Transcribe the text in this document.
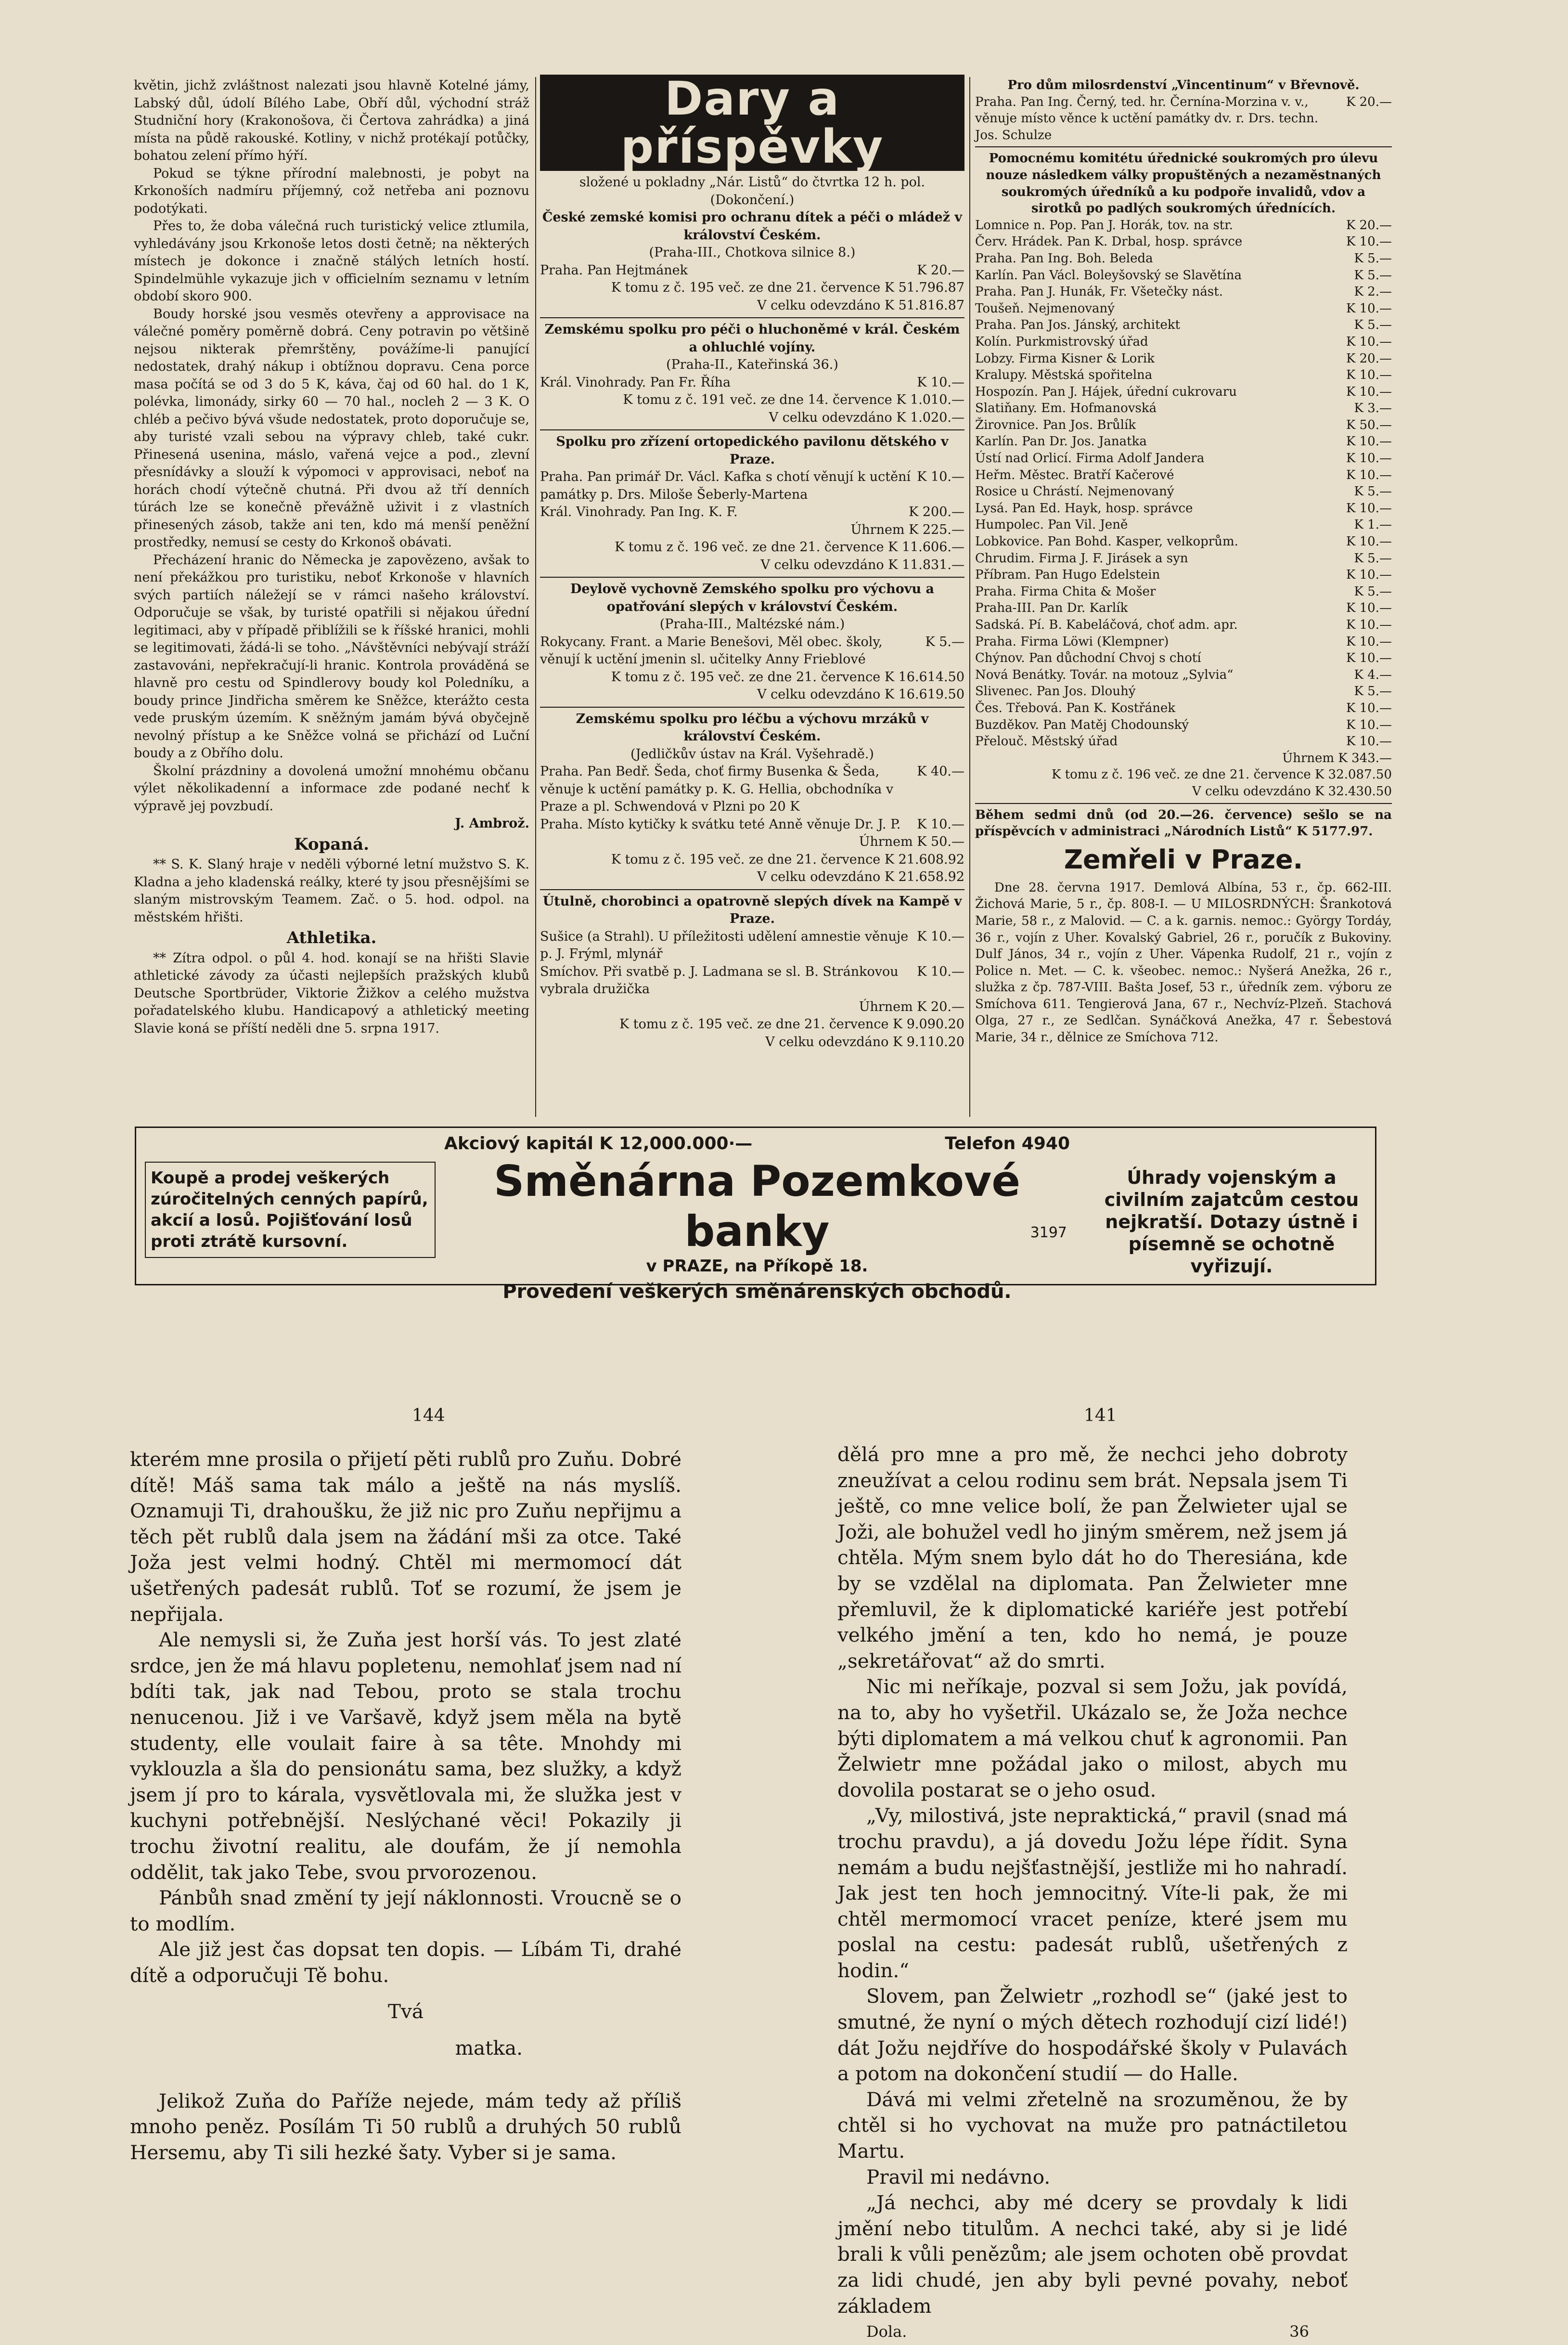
květin, jichž zvláštnost nalezati jsou hlavně Kotelné jámy, Labský důl, údolí Bílého Labe, Obří důl, východní stráž Studniční hory (Krakonošova, či Čertova zahrádka) a jiná místa na půdě rakouské. Kotliny, v nichž protékají potůčky, bohatou zelení přímo hýří.

Pokud se týkne přírodní malebnosti, je pobyt na Krkonoších nadmíru příjemný, což netřeba ani poznovu podotýkati.

Přes to, že doba válečná ruch turistický velice ztlumila, vyhledávány jsou Krkonoše letos dosti četně; na některých místech je dokonce i značně stálých letních hostí. Spindelmühle vykazuje jich v officielním seznamu v letním období skoro 900.

Boudy horské jsou vesměs otevřeny a approvisace na válečné poměry poměrně dobrá. Ceny potravin po většině nejsou nikterak přemrštěny, povážíme-li panující nedostatek, drahý nákup i obtížnou dopravu. Cena porce masa počítá se od 3 do 5 K, káva, čaj od 60 hal. do 1 K, polévka, limonády, sirky 60 — 70 hal., nocleh 2 — 3 K. O chléb a pečivo bývá všude nedostatek, proto doporučuje se, aby turisté vzali sebou na výpravy chleb, také cukr. Přinesená usenina, máslo, vařená vejce a pod., zlevní přesnídávky a slouží k výpomoci v approvisaci, neboť na horách chodí výtečně chutná. Při dvou až tří denních túrách lze se konečně převážně uživit i z vlastních přinesených zásob, takže ani ten, kdo má menší peněžní prostředky, nemusí se cesty do Krkonoš obávati.

Přecházení hranic do Německa je zapovězeno, avšak to není překážkou pro turistiku, neboť Krkonoše v hlavních svých partiích náležejí se v rámci našeho království. Odporučuje se však, by turisté opatřili si nějakou úřední legitimaci, aby v případě přiblížili se k říšské hranici, mohli se legitimovati, žádá-li se toho. „Návštěvníci nebývají stráží zastavováni, nepřekračují-li hranic. Kontrola prováděná se hlavně pro cestu od Spindlerovy boudy kol Poledníku, a boudy prince Jindřicha směrem ke Sněžce, kterážto cesta vede pruským územím. K sněžným jamám bývá obyčejně nevolný přístup a ke Sněžce volná se přichází od Luční boudy a z Obřího dolu.

Školní prázdniny a dovolená umožní mnohému občanu výlet několikadenní a informace zde podané nechť k výpravě jej povzbudí.

J. Ambrož.

Kopaná.

** S. K. Slaný hraje v neděli výborné letní mužstvo S. K. Kladna a jeho kladenská reálky, které ty jsou přesnějšími se slaným mistrovským Teamem. Zač. o 5. hod. odpol. na městském hřišti.

Athletika.

** Zítra odpol. o půl 4. hod. konají se na hřišti Slavie athletické závody za účasti nejlepších pražských klubů Deutsche Sportbrüder, Viktorie Žižkov a celého mužstva pořadatelského klubu. Handicapový a athletický meeting Slavie koná se příští neděli dne 5. srpna 1917.

Dary a příspěvky

složené u pokladny „Nár. Listů“ do čtvrtka 12 h. pol.

(Dokončení.)

České zemské komisi pro ochranu dítek a péči o mládež v království Českém.

(Praha-III., Chotkova silnice 8.)

Praha. Pan Hejtmánek	K 20.—

K tomu z č. 195 več. ze dne 21. července K 51.796.87

V celku odevzdáno K 51.816.87

Zemskému spolku pro péči o hluchoněmé v král. Českém a ohluchlé vojíny.

(Praha-II., Kateřinská 36.)

Král. Vinohrady. Pan Fr. Říha	K 10.—

K tomu z č. 191 več. ze dne 14. července K 1.010.—

V celku odevzdáno K 1.020.—

Spolku pro zřízení ortopedického pavilonu dětského v Praze.

Praha. Pan primář Dr. Václ. Kafka s chotí věnují k uctění památky p. Drs. Miloše Šeberly-Martena
K 10.—
Král. Vinohrady. Pan Ing. K. F.	K 200.—

Úhrnem K 225.—

K tomu z č. 196 več. ze dne 21. července K 11.606.—

V celku odevzdáno K 11.831.—

Deylově vychovně Zemského spolku pro výchovu a opatřování slepých v království Českém.

(Praha-III., Maltézské nám.)

Rokycany. Frant. a Marie Benešovi, Měl obec. školy, věnují k uctění jmenin sl. učitelky Anny Frieblové
K 5.—

K tomu z č. 195 več. ze dne 21. července K 16.614.50

V celku odevzdáno K 16.619.50

Zemskému spolku pro léčbu a výchovu mrzáků v království Českém.

(Jedličkův ústav na Král. Vyšehradě.)

Praha. Pan Bedř. Šeda, choť firmy Busenka & Šeda, věnuje k uctění památky p. K. G. Hellia, obchodníka v Praze a pl. Schwendová v Plzni po 20 K
K 40.—
Praha. Místo kytičky k svátku teté Anně věnuje Dr. J. P. K 10.—

Úhrnem K 50.—

K tomu z č. 195 več. ze dne 21. července K 21.608.92

V celku odevzdáno K 21.658.92

Útulně, chorobinci a opatrovně slepých dívek na Kampě v Praze.

Sušice (a Strahl). U příležitosti udělení amnestie věnuje p. J. Frýml, mlynář
K 10.—
Smíchov. Při svatbě p. J. Ladmana se sl. B. Stránkovou vybrala družička
K 10.—

Úhrnem K 20.—

K tomu z č. 195 več. ze dne 21. července K 9.090.20

V celku odevzdáno K 9.110.20

Pro dům milosrdenství „Vincentinum“ v Břevnově.

Praha. Pan Ing. Černý, ted. hr. Černína-Morzina v. v., věnuje místo věnce k uctění památky dv. r. Drs. techn. Jos. Schulze
K 20.—

Pomocnému komitétu úřednické soukromých pro úlevu nouze následkem války propuštěných a nezaměstnaných soukromých úředníků a ku podpoře invalidů, vdov a sirotků po padlých soukromých úřednících.

Lomnice n. Pop. Pan J. Horák, tov. na str.	K 20.—
Červ. Hrádek. Pan K. Drbal, hosp. správce	K 10.—
Praha. Pan Ing. Boh. Beleda	K 5.—
Karlín. Pan Václ. Boleyšovský se Slavětína	K 5.—
Praha. Pan J. Hunák, Fr. Všetečky nást.	K 2.—
Toušeň. Nejmenovaný	K 10.—
Praha. Pan Jos. Jánský, architekt	K 5.—
Kolín. Purkmistrovský úřad	K 10.—
Lobzy. Firma Kisner & Lorik	K 20.—
Kralupy. Městská spořitelna	K 10.—
Hospozín. Pan J. Hájek, úřední cukrovaru	K 10.—
Slatiňany. Em. Hofmanovská	K 3.—
Žirovnice. Pan Jos. Brůlík	K 50.—
Karlín. Pan Dr. Jos. Janatka	K 10.—
Ústí nad Orlicí. Firma Adolf Jandera	K 10.—
Heřm. Městec. Bratří Kačerové	K 10.—
Rosice u Chrástí. Nejmenovaný	K 5.—
Lysá. Pan Ed. Hayk, hosp. správce	K 10.—
Humpolec. Pan Vil. Jeně	K 1.—
Lobkovice. Pan Bohd. Kasper, velkoprům.	K 10.—
Chrudim. Firma J. F. Jirásek a syn	K 5.—
Příbram. Pan Hugo Edelstein	K 10.—
Praha. Firma Chita & Mošer	K 5.—
Praha-III. Pan Dr. Karlík	K 10.—
Sadská. Pí. B. Kabeláčová, choť adm. apr.	K 10.—
Praha. Firma Löwi (Klempner)	K 10.—
Chýnov. Pan důchodní Chvoj s chotí	K 10.—
Nová Benátky. Továr. na motouz „Sylvia“	K 4.—
Slivenec. Pan Jos. Dlouhý	K 5.—
Čes. Třebová. Pan K. Kostřánek	K 10.—
Buzděkov. Pan Matěj Chodounský	K 10.—
Přelouč. Městský úřad	K 10.—

Úhrnem K 343.—

K tomu z č. 196 več. ze dne 21. července K 32.087.50

V celku odevzdáno K 32.430.50

Během sedmi dnů (od 20.—26. července) sešlo se na příspěvcích v administraci „Národních Listů“ K 5177.97.

Zemřeli v Praze.

Dne 28. června 1917. Demlová Albína, 53 r., čp. 662-III. Žichová Marie, 5 r., čp. 808-I. — U MILOSRDNÝCH: Šrankotová Marie, 58 r., z Malovid. — C. a k. garnis. nemoc.: György Tordáy, 36 r., vojín z Uher. Kovalský Gabriel, 26 r., poručík z Bukoviny. Dulf János, 34 r., vojín z Uher. Vápenka Rudolf, 21 r., vojín z Police n. Met. — C. k. všeobec. nemoc.: Nyšerá Anežka, 26 r., služka z čp. 787-VIII. Bašta Josef, 53 r., úředník zem. výboru ze Smíchova 611. Tengierová Jana, 67 r., Nechvíz-Plzeň. Stachová Olga, 27 r., ze Sedlčan. Synáčková Anežka, 47 r. Šebestová Marie, 34 r., dělnice ze Smíchova 712.

Koupě a prodej veškerých zúročitelných cenných papírů, akcií a losů. Pojišťování losů proti ztrátě kursovní.
Akciový kapitál K 12,000.000·—	Telefon 4940
Směnárna Pozemkové banky
v PRAZE, na Příkopě 18.
Provedení veškerých směnárenských obchodů.
3197
Úhrady vojenským a civilním zajatcům cestou nejkratší. Dotazy ústně i písemně se ochotně vyřizují.
144	141

kterém mne prosila o přijetí pěti rublů pro Zuňu. Dobré dítě! Máš sama tak málo a ještě na nás myslíš. Oznamuji Ti, drahoušku, že již nic pro Zuňu nepřijmu a těch pět rublů dala jsem na žádání mši za otce. Také Joža jest velmi hodný. Chtěl mi mermomocí dát ušetřených padesát rublů. Toť se rozumí, že jsem je nepřijala.

Ale nemysli si, že Zuňa jest horší vás. To jest zlaté srdce, jen že má hlavu popletenu, nemohlať jsem nad ní bdíti tak, jak nad Tebou, proto se stala trochu nenucenou. Již i ve Varšavě, když jsem měla na bytě studenty, elle voulait faire à sa tête. Mnohdy mi vyklouzla a šla do pensionátu sama, bez služky, a když jsem jí pro to kárala, vysvětlovala mi, že služka jest v kuchyni potřebnější. Neslýchané věci! Pokazily ji trochu životní realitu, ale doufám, že jí nemohla oddělit, tak jako Tebe, svou prvorozenou.

Pánbůh snad změní ty její náklonnosti. Vroucně se o to modlím.

Ale již jest čas dopsat ten dopis. — Líbám Ti, drahé dítě a odporučuji Tě bohu.

Tvá

matka.

Jelikož Zuňa do Paříže nejede, mám tedy až příliš mnoho peněz. Posílám Ti 50 rublů a druhých 50 rublů Hersemu, aby Ti sili hezké šaty. Vyber si je sama.

dělá pro mne a pro mě, že nechci jeho dobroty zneužívat a celou rodinu sem brát. Nepsala jsem Ti ještě, co mne velice bolí, že pan Želwieter ujal se Joži, ale bohužel vedl ho jiným směrem, než jsem já chtěla. Mým snem bylo dát ho do Theresiána, kde by se vzdělal na diplomata. Pan Želwieter mne přemluvil, že k diplomatické kariéře jest potřebí velkého jmění a ten, kdo ho nemá, je pouze „sekretářovat“ až do smrti.

Nic mi neříkaje, pozval si sem Jožu, jak povídá, na to, aby ho vyšetřil. Ukázalo se, že Joža nechce býti diplomatem a má velkou chuť k agronomii. Pan Želwietr mne požádal jako o milost, abych mu dovolila postarat se o jeho osud.

„Vy, milostivá, jste nepraktická,“ pravil (snad má trochu pravdu), a já dovedu Jožu lépe řídit. Syna nemám a budu nejšťastnější, jestliže mi ho nahradí. Jak jest ten hoch jemnocitný. Víte-li pak, že mi chtěl mermomocí vracet peníze, které jsem mu poslal na cestu: padesát rublů, ušetřených z hodin.“

Slovem, pan Želwietr „rozhodl se“ (jaké jest to smutné, že nyní o mých dětech rozhodují cizí lidé!) dát Jožu nejdříve do hospodářské školy v Pulavách a potom na dokončení studií — do Halle.

Dává mi velmi zřetelně na srozuměnou, že by chtěl si ho vychovat na muže pro patnáctiletou Martu.

Pravil mi nedávno.

„Já nechci, aby mé dcery se provdaly k lidi jmění nebo titulům. A nechci také, aby si je lidé brali k vůli penězům; ale jsem ochoten obě provdat za lidi chudé, jen aby byli pevné povahy, neboť základem

Dola.	36
